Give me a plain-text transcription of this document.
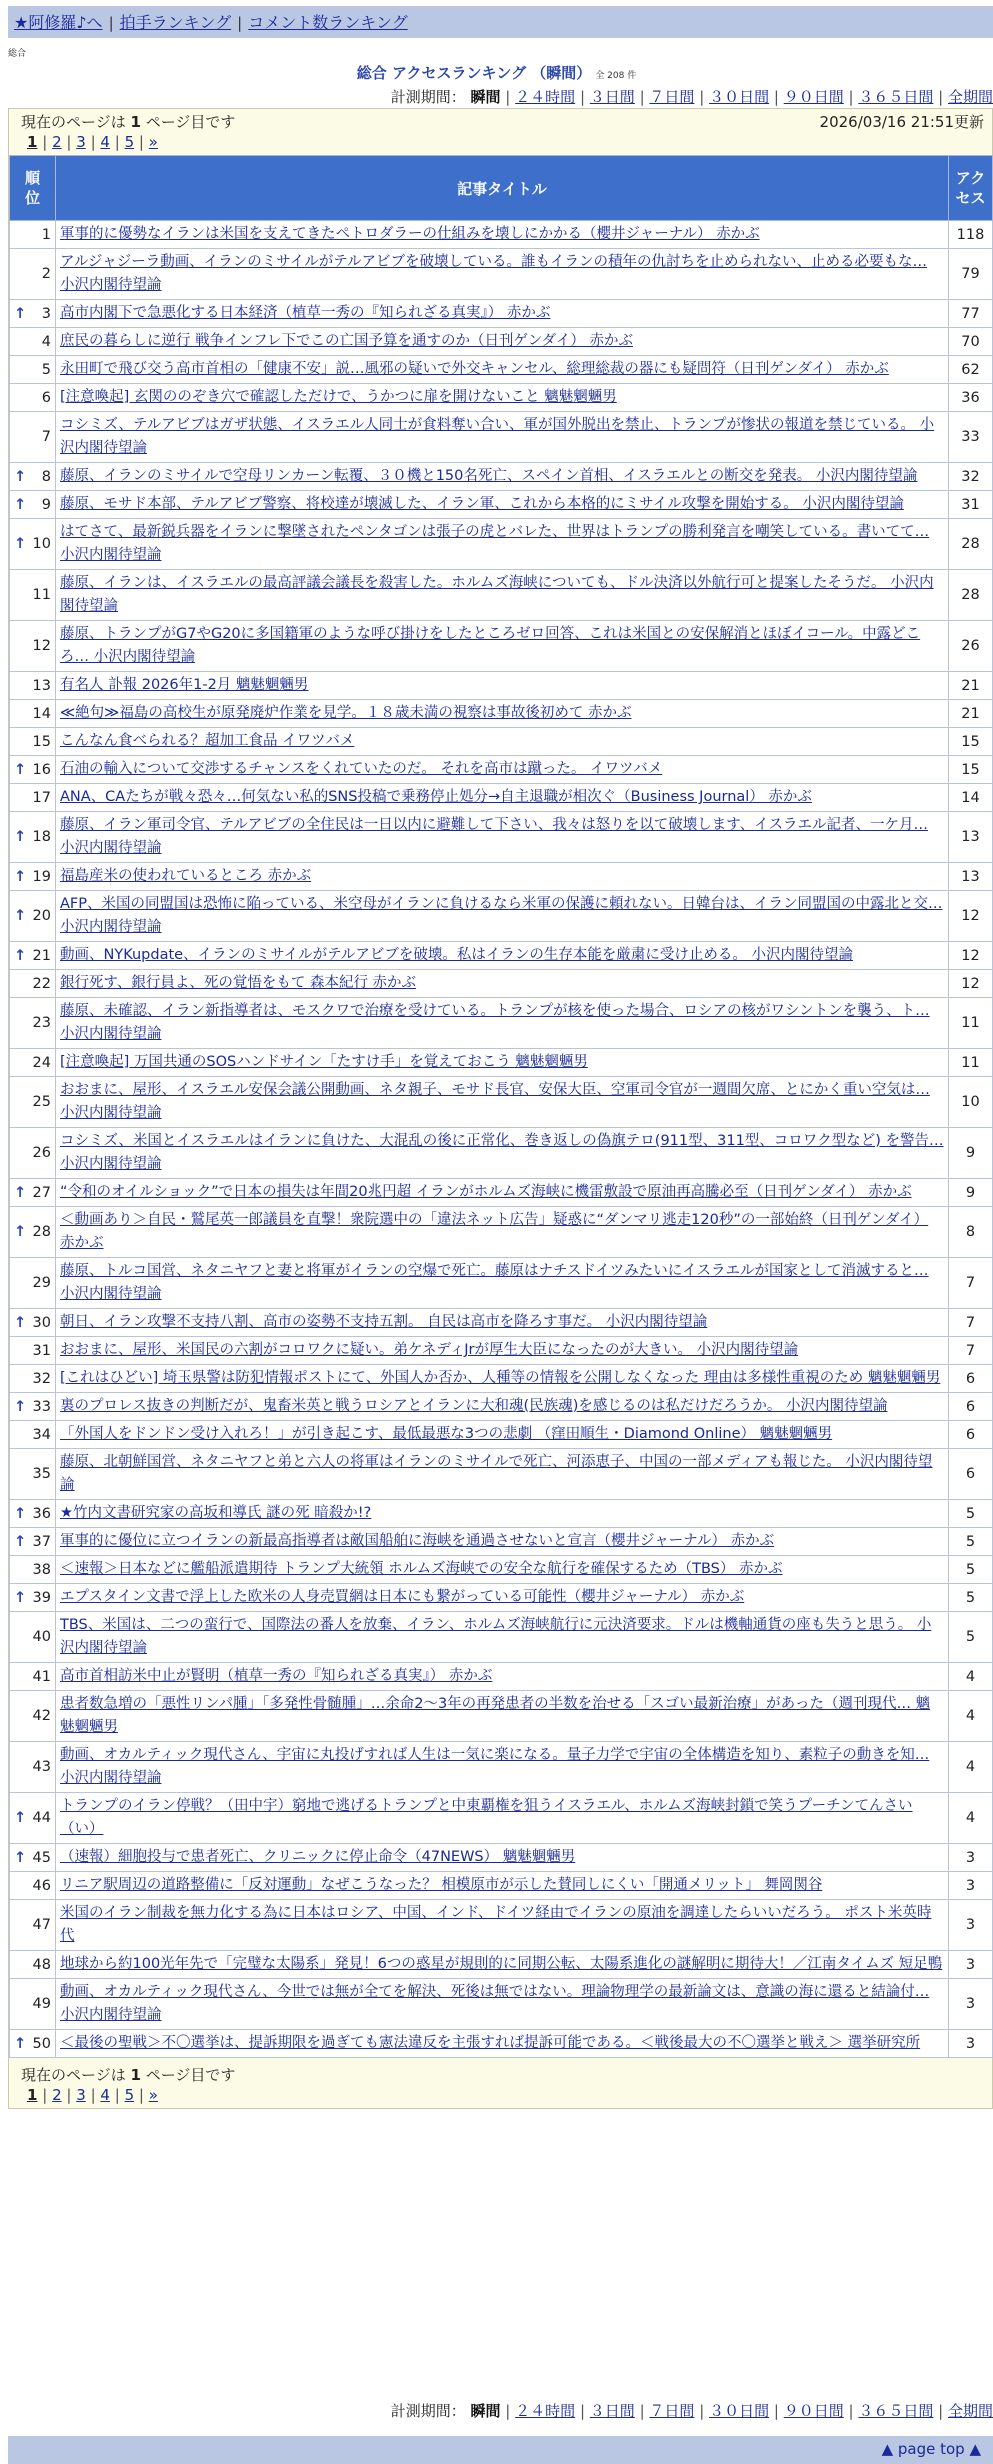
★阿修羅♪へ | 拍手ランキング | コメント数ランキング
総合
総合 アクセスランキング （瞬間） 全 208 件
計測期間： 瞬間 | ２４時間 | ３日間 | ７日間 | ３０日間 | ９０日間 | ３６５日間 | 全期間
現在のページは 1 ページ目です	2026/03/16 21:51更新
1 | 2 | 3 | 4 | 5 | »
順位	記事タイトル	アクセス
1	軍事的に優勢なイランは米国を支えてきたペトロダラーの仕組みを壊しにかかる（櫻井ジャーナル） 赤かぶ	118
2	アルジャジーラ動画、イランのミサイルがテルアビブを破壊している。誰もイランの積年の仇討ちを止められない、止める必要もな… 小沢内閣待望論	79

↑ 3	高市内閣下で急悪化する日本経済（植草一秀の『知られざる真実』） 赤かぶ	77
4	庶民の暮らしに逆行 戦争インフレ下でこの亡国予算を通すのか（日刊ゲンダイ） 赤かぶ	70
5	永田町で飛び交う高市首相の「健康不安」説…風邪の疑いで外交キャンセル、総理総裁の器にも疑問符（日刊ゲンダイ） 赤かぶ	62
6	[注意喚起] 玄関ののぞき穴で確認しただけで、うかつに扉を開けないこと 魑魅魍魎男	36
7	コシミズ、テルアビブはガザ状態、イスラエル人同士が食料奪い合い、軍が国外脱出を禁止、トランプが惨状の報道を禁じている。 小沢内閣待望論	33

↑ 8	藤原、イランのミサイルで空母リンカーン転覆、３０機と150名死亡、スペイン首相、イスラエルとの断交を発表。 小沢内閣待望論	32

↑ 9	藤原、モサド本部、テルアビブ警察、将校達が壊滅した、イラン軍、これから本格的にミサイル攻撃を開始する。 小沢内閣待望論	31

↑ 10	はてさて、最新鋭兵器をイランに撃墜されたペンタゴンは張子の虎とバレた、世界はトランプの勝利発言を嘲笑している。書いてて… 小沢内閣待望論	28
11	藤原、イランは、イスラエルの最高評議会議長を殺害した。ホルムズ海峡についても、ドル決済以外航行可と提案したそうだ。 小沢内閣待望論	28
12	藤原、トランプがG7やG20に多国籍軍のような呼び掛けをしたところゼロ回答、これは米国との安保解消とほぼイコール。中露どころ… 小沢内閣待望論	26
13	有名人 訃報 2026年1-2月 魑魅魍魎男	21
14	≪絶句≫福島の高校生が原発廃炉作業を見学。１８歳未満の視察は事故後初めて 赤かぶ	21
15	こんなん食べられる？超加工食品 イワツバメ	15

↑ 16	石油の輸入について交渉するチャンスをくれていたのだ。 それを高市は蹴った。 イワツバメ	15
17	ANA、CAたちが戦々恐々…何気ない私的SNS投稿で乗務停止処分→自主退職が相次ぐ（Business Journal） 赤かぶ	14

↑ 18	藤原、イラン軍司令官、テルアビブの全住民は一日以内に避難して下さい、我々は怒りを以て破壊します、イスラエル記者、一ケ月… 小沢内閣待望論	13

↑ 19	福島産米の使われているところ 赤かぶ	13

↑ 20	AFP、米国の同盟国は恐怖に陥っている、米空母がイランに負けるなら米軍の保護に頼れない。日韓台は、イラン同盟国の中露北と交… 小沢内閣待望論	12

↑ 21	動画、NYKupdate、イランのミサイルがテルアビブを破壊。私はイランの生存本能を厳粛に受け止める。 小沢内閣待望論	12
22	銀行死す、銀行員よ、死の覚悟をもて 森本紀行 赤かぶ	12
23	藤原、未確認、イラン新指導者は、モスクワで治療を受けている。トランプが核を使った場合、ロシアの核がワシントンを襲う、ト… 小沢内閣待望論	11
24	[注意喚起] 万国共通のSOSハンドサイン「たすけ手」を覚えておこう 魑魅魍魎男	11
25	おおまに、屋形、イスラエル安保会議公開動画、ネタ親子、モサド長官、安保大臣、空軍司令官が一週間欠席、とにかく重い空気は… 小沢内閣待望論	10
26	コシミズ、米国とイスラエルはイランに負けた、大混乱の後に正常化、巻き返しの偽旗テロ(911型、311型、コロワク型など) を警告… 小沢内閣待望論	9

↑ 27	“令和のオイルショック”で日本の損失は年間20兆円超 イランがホルムズ海峡に機雷敷設で原油再高騰必至（日刊ゲンダイ） 赤かぶ	9

↑ 28	＜動画あり＞自民・鷲尾英一郎議員を直撃！衆院選中の「違法ネット広告」疑惑に“ダンマリ逃走120秒”の一部始終（日刊ゲンダイ） 赤かぶ	8
29	藤原、トルコ国営、ネタニヤフと妻と将軍がイランの空爆で死亡。藤原はナチスドイツみたいにイスラエルが国家として消滅すると… 小沢内閣待望論	7

↑ 30	朝日、イラン攻撃不支持八割、高市の姿勢不支持五割。 自民は高市を降ろす事だ。 小沢内閣待望論	7
31	おおまに、屋形、米国民の六割がコロワクに疑い。弟ケネディJrが厚生大臣になったのが大きい。 小沢内閣待望論	7
32	[これはひどい] 埼玉県警は防犯情報ポストにて、外国人か否か、人種等の情報を公開しなくなった 理由は多様性重視のため 魑魅魍魎男	6

↑ 33	裏のプロレス抜きの判断だが、鬼畜米英と戦うロシアとイランに大和魂(民族魂)を感じるのは私だけだろうか。 小沢内閣待望論	6
34	「外国人をドンドン受け入れろ！」が引き起こす、最低最悪な3つの悲劇 （窪田順生・Diamond Online） 魑魅魍魎男	6
35	藤原、北朝鮮国営、ネタニヤフと弟と六人の将軍はイランのミサイルで死亡、河添恵子、中国の一部メディアも報じた。 小沢内閣待望論	6

↑ 36	★竹内文書研究家の高坂和導氏 謎の死 暗殺か!?	5

↑ 37	軍事的に優位に立つイランの新最高指導者は敵国船舶に海峡を通過させないと宣言（櫻井ジャーナル） 赤かぶ	5
38	＜速報＞日本などに艦船派遣期待 トランプ大統領 ホルムズ海峡での安全な航行を確保するため（TBS） 赤かぶ	5

↑ 39	エプスタイン文書で浮上した欧米の人身売買網は日本にも繋がっている可能性（櫻井ジャーナル） 赤かぶ	5
40	TBS、米国は、二つの蛮行で、国際法の番人を放棄、イラン、ホルムズ海峡航行に元決済要求。ドルは機軸通貨の座も失うと思う。 小沢内閣待望論	5
41	高市首相訪米中止が賢明（植草一秀の『知られざる真実』） 赤かぶ	4
42	患者数急増の「悪性リンパ腫」「多発性骨髄腫」…余命2〜3年の再発患者の半数を治せる「スゴい最新治療」があった（週刊現代… 魑魅魍魎男	4
43	動画、オカルティック現代さん、宇宙に丸投げすれば人生は一気に楽になる。量子力学で宇宙の全体構造を知り、素粒子の動きを知… 小沢内閣待望論	4

↑ 44	トランプのイラン停戦？（田中宇）窮地で逃げるトランプと中東覇権を狙うイスラエル、ホルムズ海峡封鎖で笑うプーチンてんさい（い）	4

↑ 45	（速報）細胞投与で患者死亡、クリニックに停止命令（47NEWS） 魑魅魍魎男	3
46	リニア駅周辺の道路整備に「反対運動」なぜこうなった？ 相模原市が示した賛同しにくい「開通メリット」 舞岡関谷	3
47	米国のイラン制裁を無力化する為に日本はロシア、中国、インド、ドイツ経由でイランの原油を調達したらいいだろう。 ポスト米英時代	3
48	地球から約100光年先で「完璧な太陽系」発見！6つの惑星が規則的に同期公転、太陽系進化の謎解明に期待大！／江南タイムズ 短足鴨	3
49	動画、オカルティック現代さん、今世では無が全てを解決、死後は無ではない。理論物理学の最新論文は、意識の海に還ると結論付… 小沢内閣待望論	3

↑ 50	＜最後の聖戦＞不〇選挙は、提訴期限を過ぎても憲法違反を主張すれば提訴可能である。＜戦後最大の不〇選挙と戦え＞ 選挙研究所	3
現在のページは 1 ページ目です
1 | 2 | 3 | 4 | 5 | »
計測期間： 瞬間 | ２４時間 | ３日間 | ７日間 | ３０日間 | ９０日間 | ３６５日間 | 全期間
▲ page top ▲
